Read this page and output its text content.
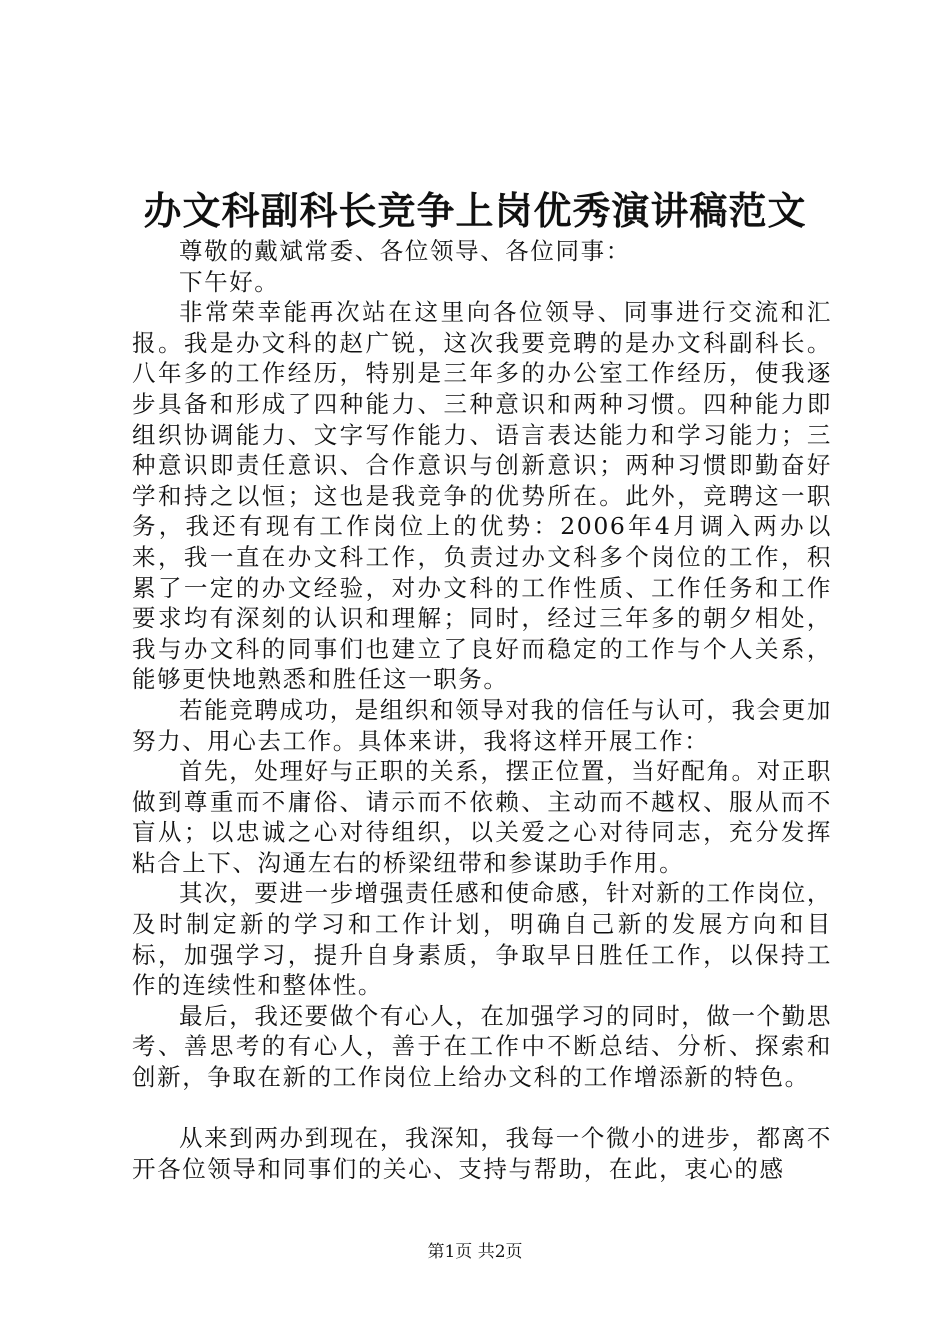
办文科副科长竞争上岗优秀演讲稿范文

尊敬的戴斌常委、各位领导、各位同事：

下午好。

非常荣幸能再次站在这里向各位领导、同事进行交流和汇报。我是办文科的赵广锐，这次我要竞聘的是办文科副科长。八年多的工作经历，特别是三年多的办公室工作经历，使我逐步具备和形成了四种能力、三种意识和两种习惯。四种能力即组织协调能力、文字写作能力、语言表达能力和学习能力；三种意识即责任意识、合作意识与创新意识；两种习惯即勤奋好学和持之以恒；这也是我竞争的优势所在。此外，竞聘这一职务，我还有现有工作岗位上的优势：2006年4月调入两办以来，我一直在办文科工作，负责过办文科多个岗位的工作，积累了一定的办文经验，对办文科的工作性质、工作任务和工作要求均有深刻的认识和理解；同时，经过三年多的朝夕相处，我与办文科的同事们也建立了良好而稳定的工作与个人关系，能够更快地熟悉和胜任这一职务。

若能竞聘成功，是组织和领导对我的信任与认可，我会更加努力、用心去工作。具体来讲，我将这样开展工作：

首先，处理好与正职的关系，摆正位置，当好配角。对正职做到尊重而不庸俗、请示而不依赖、主动而不越权、服从而不盲从；以忠诚之心对待组织，以关爱之心对待同志，充分发挥粘合上下、沟通左右的桥梁纽带和参谋助手作用。

其次，要进一步增强责任感和使命感，针对新的工作岗位，及时制定新的学习和工作计划，明确自己新的发展方向和目标，加强学习，提升自身素质，争取早日胜任工作，以保持工作的连续性和整体性。

最后，我还要做个有心人，在加强学习的同时，做一个勤思考、善思考的有心人，善于在工作中不断总结、分析、探索和创新，争取在新的工作岗位上给办文科的工作增添新的特色。

从来到两办到现在，我深知，我每一个微小的进步，都离不开各位领导和同事们的关心、支持与帮助，在此，衷心的感

第1页 共2页
